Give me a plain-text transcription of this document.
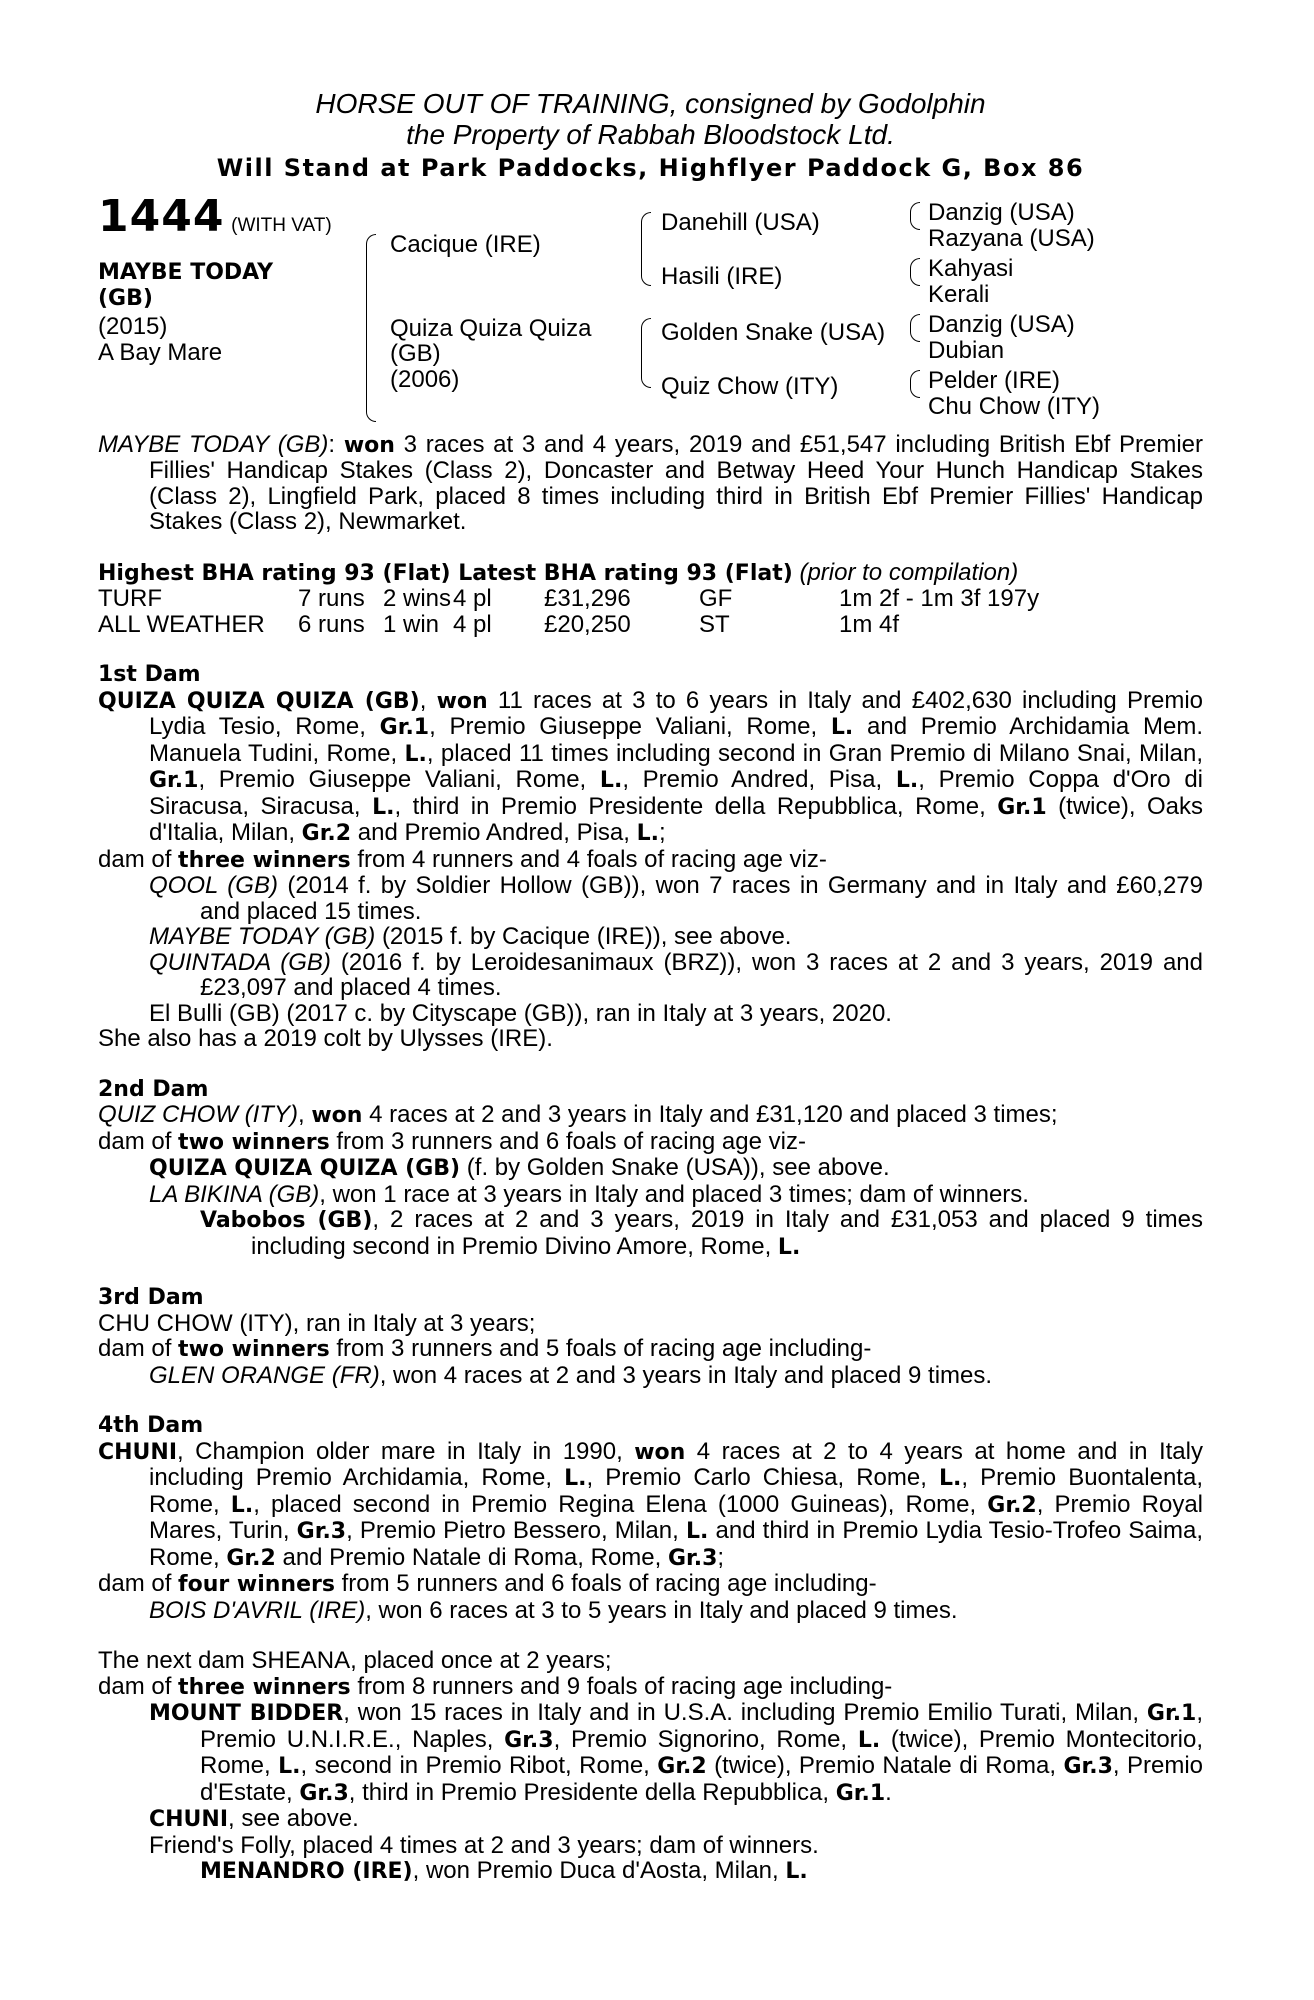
HORSE OUT OF TRAINING, consigned by Godolphin
the Property of Rabbah Bloodstock Ltd.
Will Stand at Park Paddocks, Highflyer Paddock G, Box 86
1444 (WITH VAT)
MAYBE TODAY
(GB)
(2015)
A Bay Mare
Cacique (IRE)
Quiza Quiza Quiza
(GB)
(2006)
Danehill (USA)
Hasili (IRE)
Golden Snake (USA)
Quiz Chow (ITY)
Danzig (USA)
Razyana (USA)
Kahyasi
Kerali
Danzig (USA)
Dubian
Pelder (IRE)
Chu Chow (ITY)
MAYBE TODAY (GB): won 3 races at 3 and 4 years, 2019 and £51,547 including British Ebf Premier Fillies' Handicap Stakes (Class 2), Doncaster and Betway Heed Your Hunch Handicap Stakes (Class 2), Lingfield Park, placed 8 times including third in British Ebf Premier Fillies' Handicap Stakes (Class 2), Newmarket.
Highest BHA rating 93 (Flat) Latest BHA rating 93 (Flat) (prior to compilation)
TURF	7 runs	2 wins	4 pl	£31,296	GF	1m 2f - 1m 3f 197y
ALL WEATHER	6 runs	1 win	4 pl	£20,250	ST	1m 4f
1st Dam
QUIZA QUIZA QUIZA (GB), won 11 races at 3 to 6 years in Italy and £402,630 including Premio Lydia Tesio, Rome, Gr.1, Premio Giuseppe Valiani, Rome, L. and Premio Archidamia Mem. Manuela Tudini, Rome, L., placed 11 times including second in Gran Premio di Milano Snai, Milan, Gr.1, Premio Giuseppe Valiani, Rome, L., Premio Andred, Pisa, L., Premio Coppa d'Oro di Siracusa, Siracusa, L., third in Premio Presidente della Repubblica, Rome, Gr.1 (twice), Oaks d'Italia, Milan, Gr.2 and Premio Andred, Pisa, L.;
dam of three winners from 4 runners and 4 foals of racing age viz-
QOOL (GB) (2014 f. by Soldier Hollow (GB)), won 7 races in Germany and in Italy and £60,279 and placed 15 times.
MAYBE TODAY (GB) (2015 f. by Cacique (IRE)), see above.
QUINTADA (GB) (2016 f. by Leroidesanimaux (BRZ)), won 3 races at 2 and 3 years, 2019 and £23,097 and placed 4 times.
El Bulli (GB) (2017 c. by Cityscape (GB)), ran in Italy at 3 years, 2020.
She also has a 2019 colt by Ulysses (IRE).
2nd Dam
QUIZ CHOW (ITY), won 4 races at 2 and 3 years in Italy and £31,120 and placed 3 times;
dam of two winners from 3 runners and 6 foals of racing age viz-
QUIZA QUIZA QUIZA (GB) (f. by Golden Snake (USA)), see above.
LA BIKINA (GB), won 1 race at 3 years in Italy and placed 3 times; dam of winners.
Vabobos (GB), 2 races at 2 and 3 years, 2019 in Italy and £31,053 and placed 9 times including second in Premio Divino Amore, Rome, L.
3rd Dam
CHU CHOW (ITY), ran in Italy at 3 years;
dam of two winners from 3 runners and 5 foals of racing age including-
GLEN ORANGE (FR), won 4 races at 2 and 3 years in Italy and placed 9 times.
4th Dam
CHUNI, Champion older mare in Italy in 1990, won 4 races at 2 to 4 years at home and in Italy including Premio Archidamia, Rome, L., Premio Carlo Chiesa, Rome, L., Premio Buontalenta, Rome, L., placed second in Premio Regina Elena (1000 Guineas), Rome, Gr.2, Premio Royal Mares, Turin, Gr.3, Premio Pietro Bessero, Milan, L. and third in Premio Lydia Tesio-Trofeo Saima, Rome, Gr.2 and Premio Natale di Roma, Rome, Gr.3;
dam of four winners from 5 runners and 6 foals of racing age including-
BOIS D'AVRIL (IRE), won 6 races at 3 to 5 years in Italy and placed 9 times.
The next dam SHEANA, placed once at 2 years;
dam of three winners from 8 runners and 9 foals of racing age including-
MOUNT BIDDER, won 15 races in Italy and in U.S.A. including Premio Emilio Turati, Milan, Gr.1, Premio U.N.I.R.E., Naples, Gr.3, Premio Signorino, Rome, L. (twice), Premio Montecitorio, Rome, L., second in Premio Ribot, Rome, Gr.2 (twice), Premio Natale di Roma, Gr.3, Premio d'Estate, Gr.3, third in Premio Presidente della Repubblica, Gr.1.
CHUNI, see above.
Friend's Folly, placed 4 times at 2 and 3 years; dam of winners.
MENANDRO (IRE), won Premio Duca d'Aosta, Milan, L.
